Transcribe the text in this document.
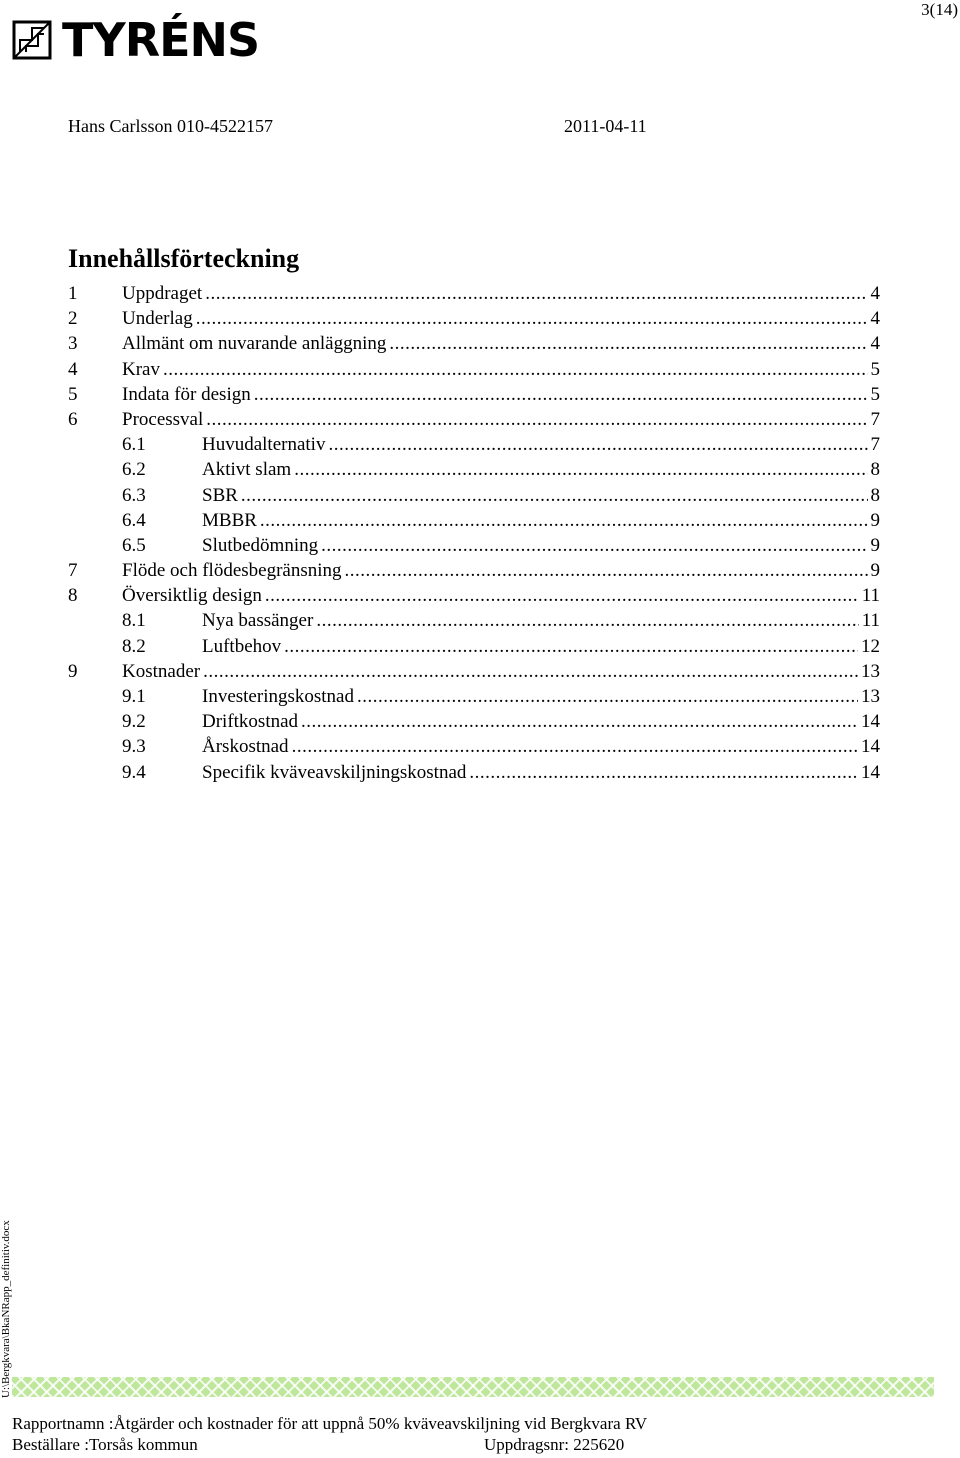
3(14)
TYRÉNS
Hans Carlsson 010-4522157	2011-04-11
Innehållsförteckning
1	Uppdraget .....	4
2	Underlag .....	4
3	Allmänt om nuvarande anläggning .....	4
4	Krav .....	5
5	Indata för design .....	5
6	Processval .....	7
6.1	Huvudalternativ .....	7
6.2	Aktivt slam .....	8
6.3	SBR .....	8
6.4	MBBR .....	9
6.5	Slutbedömning .....	9
7	Flöde och flödesbegränsning .....	9
8	Översiktlig design .....	11
8.1	Nya bassänger .....	11
8.2	Luftbehov .....	12
9	Kostnader .....	13
9.1	Investeringskostnad .....	13
9.2	Driftkostnad .....	14
9.3	Årskostnad .....	14
9.4	Specifik kväveavskiljningskostnad .....	14
U:\Bergkvara\BkaNRapp_definitiv.docx
Rapportnamn :Åtgärder och kostnader för att uppnå 50% kväveavskiljning vid Bergkvara RV
Beställare :Torsås kommun	Uppdragsnr: 225620
